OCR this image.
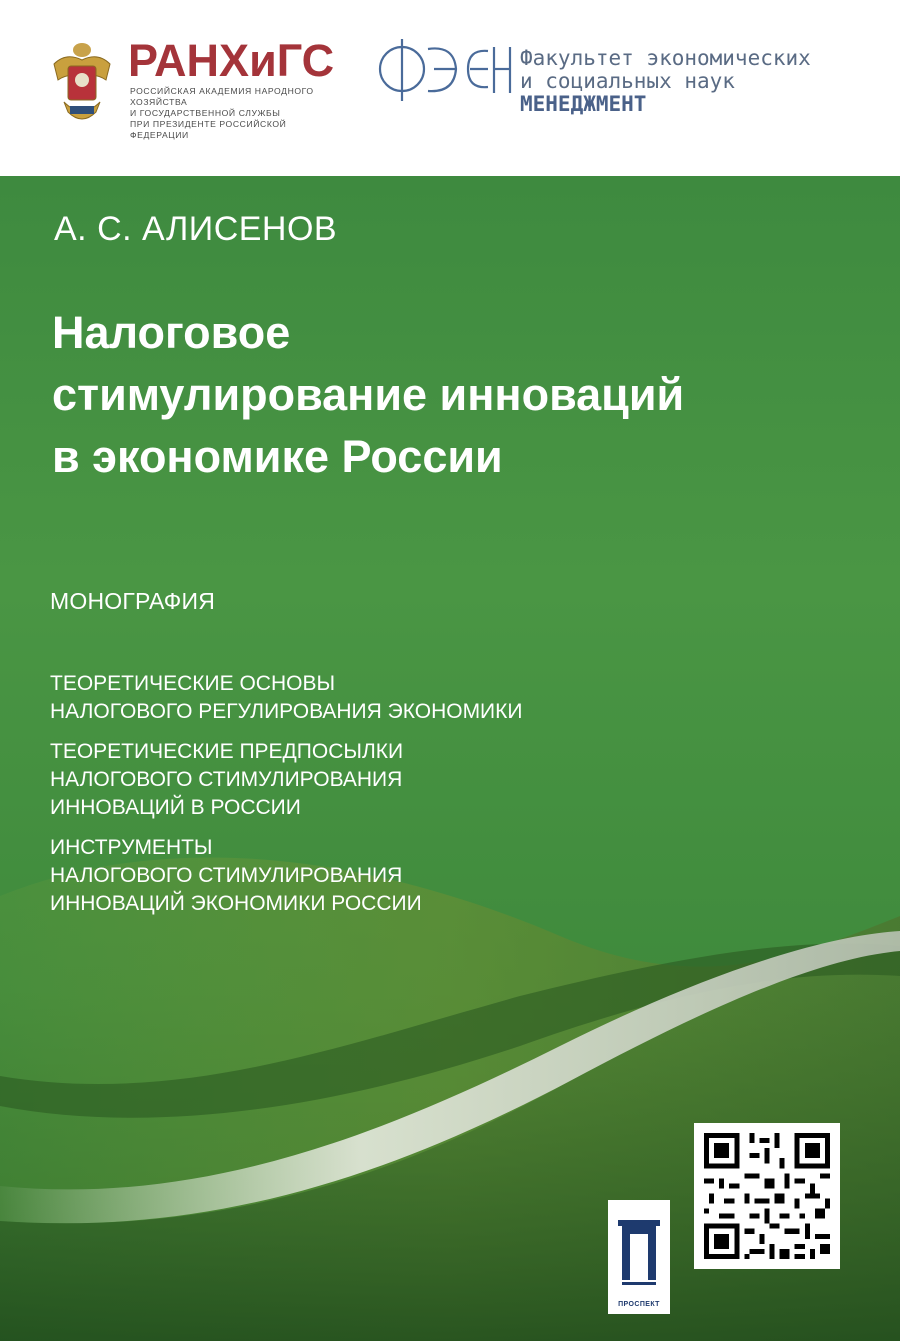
РАНХиГС
РОССИЙСКАЯ АКАДЕМИЯ НАРОДНОГО ХОЗЯЙСТВА
И ГОСУДАРСТВЕННОЙ СЛУЖБЫ
ПРИ ПРЕЗИДЕНТЕ РОССИЙСКОЙ ФЕДЕРАЦИИ
Факультет экономических
и социальных наук
МЕНЕДЖМЕНТ
А. С. АЛИСЕНОВ
Налоговое
стимулирование инноваций
в экономике России
МОНОГРАФИЯ
ТЕОРЕТИЧЕСКИЕ ОСНОВЫ
НАЛОГОВОГО РЕГУЛИРОВАНИЯ ЭКОНОМИКИ
ТЕОРЕТИЧЕСКИЕ ПРЕДПОСЫЛКИ
НАЛОГОВОГО СТИМУЛИРОВАНИЯ
ИННОВАЦИЙ В РОССИИ
ИНСТРУМЕНТЫ
НАЛОГОВОГО СТИМУЛИРОВАНИЯ
ИННОВАЦИЙ ЭКОНОМИКИ РОССИИ
ПРОСПЕКТ
